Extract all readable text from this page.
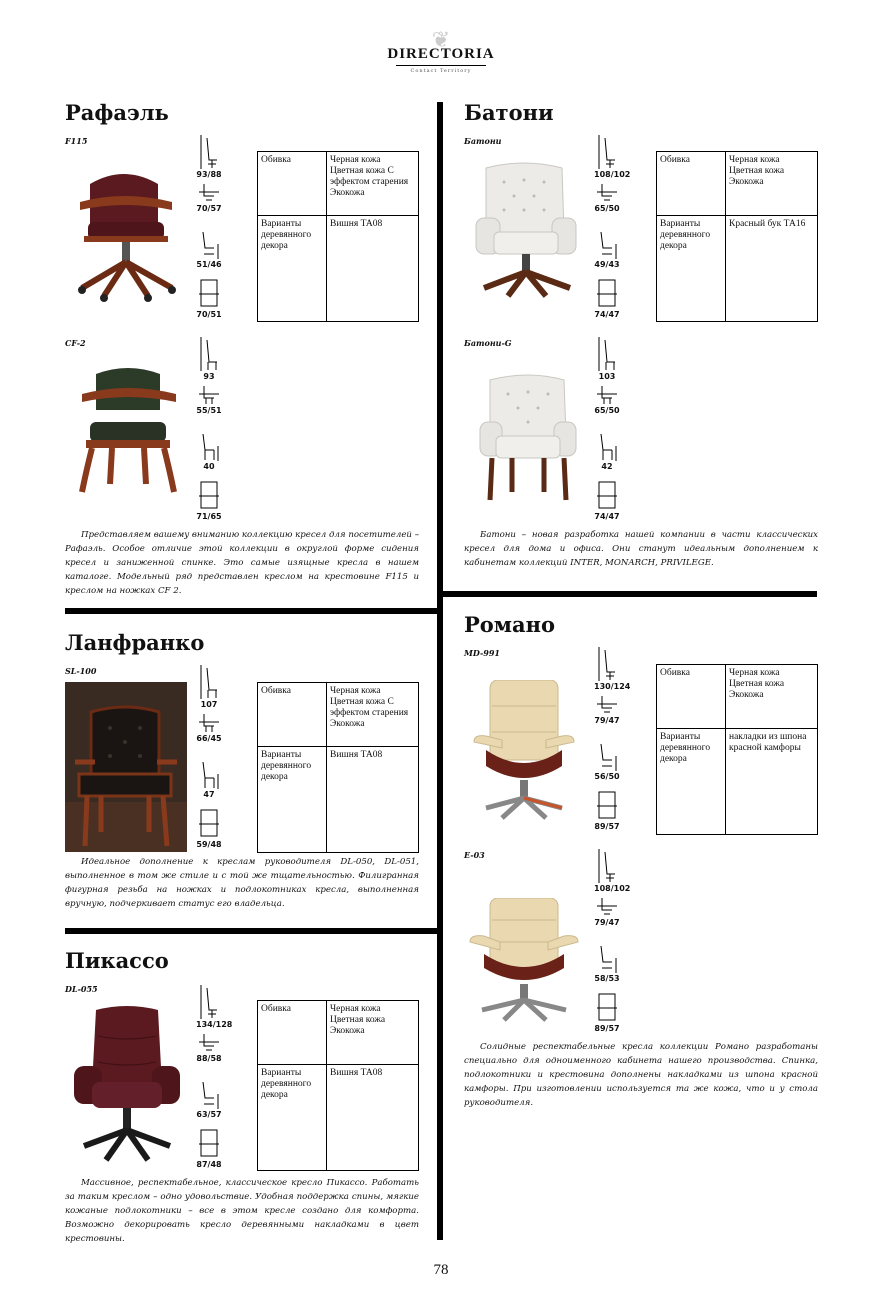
❦
DIRECTORIA
Contact Territory
Рафаэль
F115
93/88
70/57
51/46
70/51
Обивка	Черная кожа Цветная кожа С эффектом старения Экокожа
Варианты деревянного декора	Вишня ТА08
CF-2
93
55/51
40
71/65
Представляем вашему вниманию коллекцию кресел для посетителей – Рафаэль. Особое отличие этой коллекции в округлой форме сидения кресел и заниженной спинке. Это самые изящные кресла в нашем каталоге. Модельный ряд представлен креслом на крестовине F115 и креслом на ножках CF 2.
Батони
Батони
108/102
65/50
49/43
74/47
Обивка	Черная кожа Цветная кожа Экокожа
Варианты деревянного декора	Красный бук ТА16
Батони-G
103
65/50
42
74/47
Батони – новая разработка нашей компании в части классических кресел для дома и офиса. Они станут идеальным дополнением к кабинетам коллекций INTER, MONARCH, PRIVILEGE.
Ланфранко
SL-100
107
66/45
47
59/48
Обивка	Черная кожа Цветная кожа С эффектом старения Экокожа
Варианты деревянного декора	Вишня ТА08
Идеальное дополнение к креслам руководителя DL-050, DL-051, выполненное в том же стиле и с той же тщательностью. Филигранная фигурная резьба на ножках и подлокотниках кресла, выполненная вручную, подчеркивает статус его владельца.
Романо
MD-991
130/124
79/47
56/50
89/57
Обивка	Черная кожа Цветная кожа Экокожа
Варианты деревянного декора	накладки из шпона красной камфоры
E-03
108/102
79/47
58/53
89/57
Солидные респектабельные кресла коллекции Романо разработаны специально для одноименного кабинета нашего производства. Спинка, подлокотники и крестовина дополнены накладками из шпона красной камфоры. При изготовлении используется та же кожа, что и у стола руководителя.
Пикассо
DL-055
134/128
88/58
63/57
87/48
Обивка	Черная кожа Цветная кожа Экокожа
Варианты деревянного декора	Вишня ТА08
Массивное, респектабельное, классическое кресло Пикассо. Работать за таким креслом – одно удовольствие. Удобная поддержка спины, мягкие кожаные подлокотники – все в этом кресле создано для комфорта. Возможно декорировать кресло деревянными накладками в цвет крестовины.
78
